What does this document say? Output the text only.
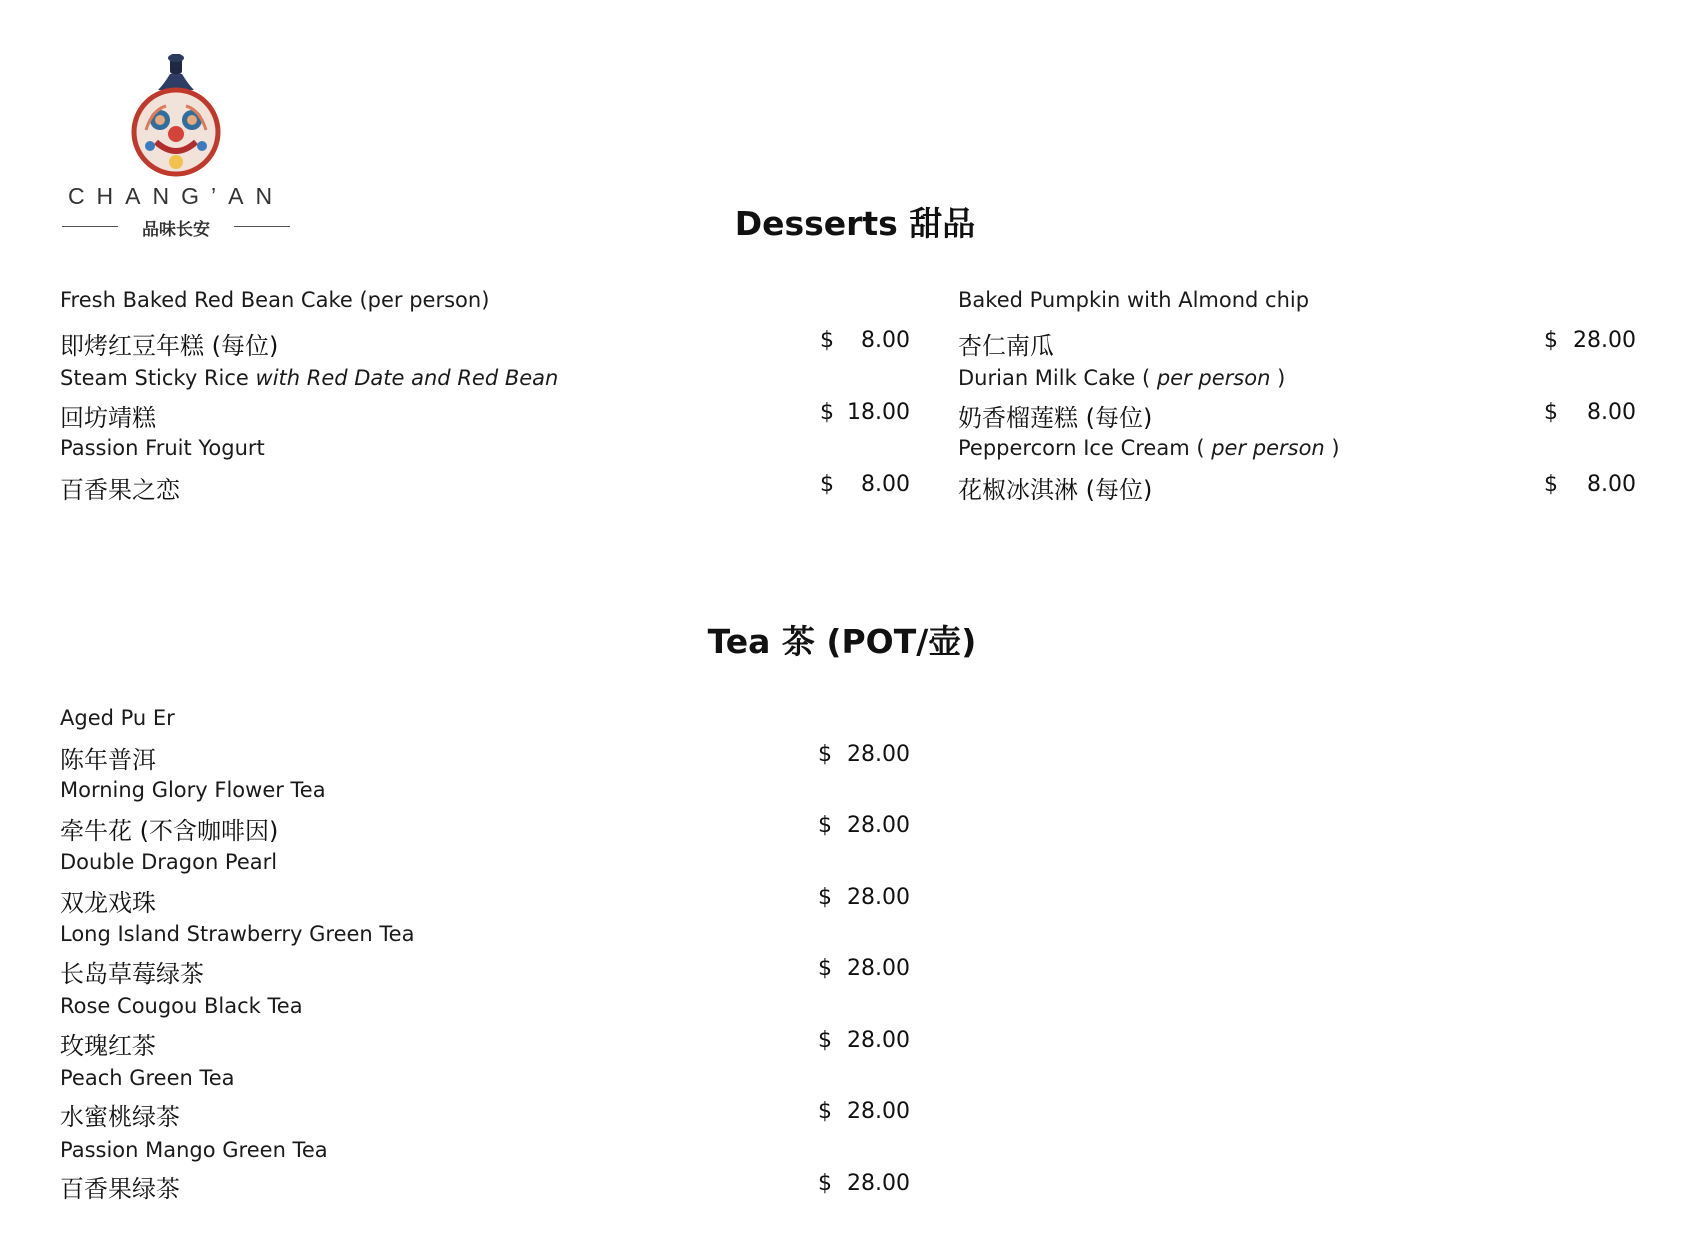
CHANG’AN
品味长安	Desserts 甜品
Fresh Baked Red Bean Cake (per person)
即烤红豆年糕 (每位)	$	8.00
Steam Sticky Rice with Red Date and Red Bean
回坊靖糕	$ 18.00
Passion Fruit Yogurt
百香果之恋	$	8.00
Baked Pumpkin with Almond chip
杏仁南瓜	$ 28.00
Durian Milk Cake ( per person )
奶香榴莲糕 (每位)	$	8.00
Peppercorn Ice Cream ( per person )
花椒冰淇淋 (每位)	$	8.00
Tea 茶 (POT/壶)
Aged Pu Er
陈年普洱	$ 28.00
Morning Glory Flower Tea
牵牛花 (不含咖啡因)	$ 28.00
Double Dragon Pearl
双龙戏珠	$ 28.00
Long Island Strawberry Green Tea
长岛草莓绿茶	$ 28.00
Rose Cougou Black Tea
玫瑰红茶	$ 28.00
Peach Green Tea
水蜜桃绿茶	$ 28.00
Passion Mango Green Tea
百香果绿茶	$ 28.00
